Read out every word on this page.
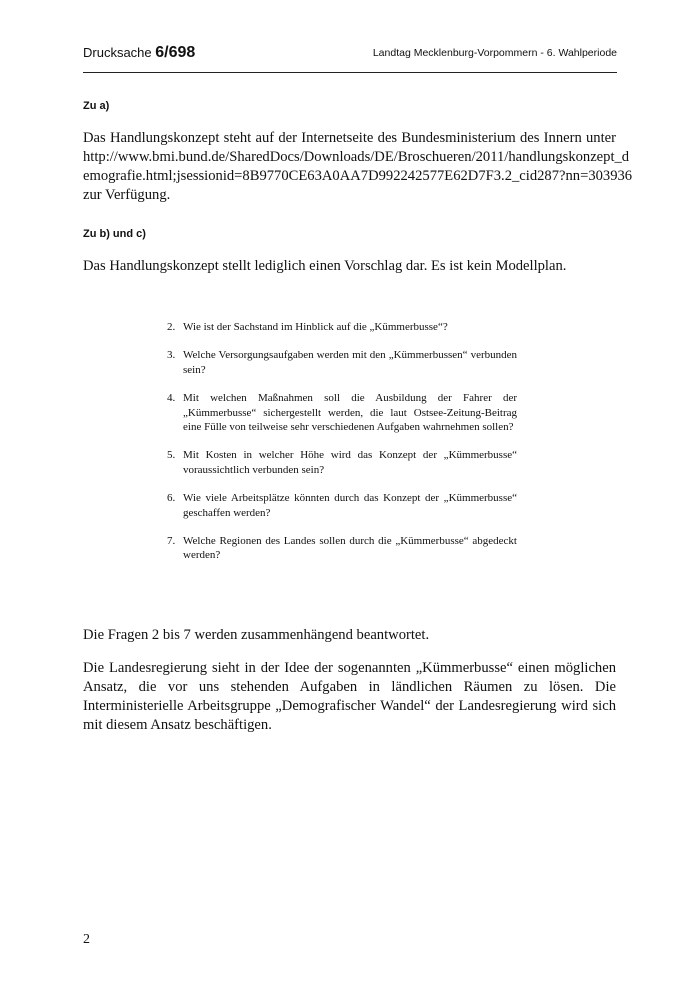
Drucksache 6/698	Landtag Mecklenburg-Vorpommern - 6. Wahlperiode
Zu a)
Das Handlungskonzept steht auf der Internetseite des Bundesministerium des Innern unter
http://www.bmi.bund.de/SharedDocs/Downloads/DE/Broschueren/2011/handlungskonzept_d
emografie.html;jsessionid=8B9770CE63A0AA7D992242577E62D7F3.2_cid287?nn=303936
zur Verfügung.
Zu b) und c)
Das Handlungskonzept stellt lediglich einen Vorschlag dar. Es ist kein Modellplan.
2. Wie ist der Sachstand im Hinblick auf die „Kümmerbusse“?
3. Welche Versorgungsaufgaben werden mit den „Kümmerbussen“ verbunden sein?
4. Mit welchen Maßnahmen soll die Ausbildung der Fahrer der „Kümmerbusse“ sichergestellt werden, die laut Ostsee-Zeitung-Beitrag eine Fülle von teilweise sehr verschiedenen Aufgaben wahrnehmen sollen?
5. Mit Kosten in welcher Höhe wird das Konzept der „Kümmerbusse“ voraussichtlich verbunden sein?
6. Wie viele Arbeitsplätze könnten durch das Konzept der „Kümmerbusse“ geschaffen werden?
7. Welche Regionen des Landes sollen durch die „Kümmerbusse“ abgedeckt werden?
Die Fragen 2 bis 7 werden zusammenhängend beantwortet.
Die Landesregierung sieht in der Idee der sogenannten „Kümmerbusse“ einen möglichen Ansatz, die vor uns stehenden Aufgaben in ländlichen Räumen zu lösen. Die Interministerielle Arbeitsgruppe „Demografischer Wandel“ der Landesregierung wird sich mit diesem Ansatz beschäftigen.
2
